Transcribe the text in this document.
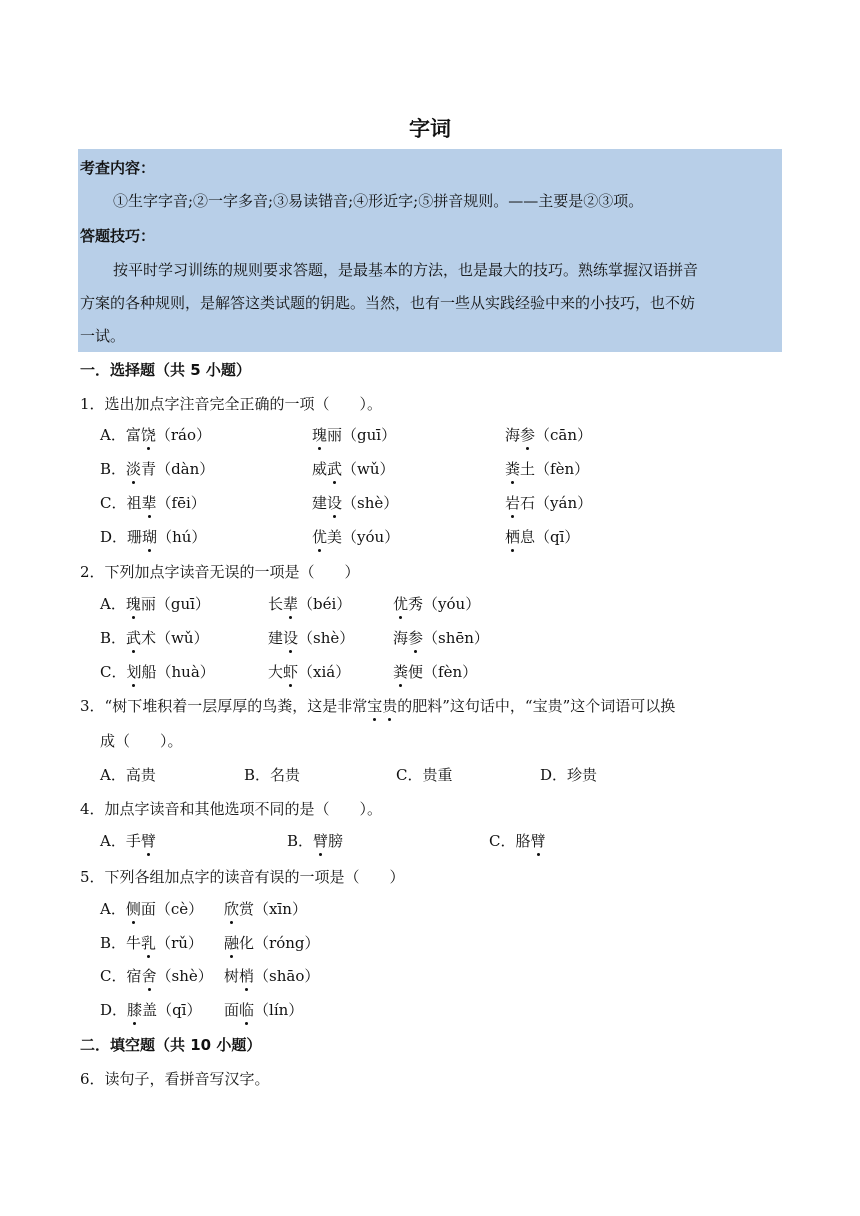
字词
考查内容：
①生字字音;②一字多音;③易读错音;④形近字;⑤拼音规则。——主要是②③项。
答题技巧：
按平时学习训练的规则要求答题，是最基本的方法，也是最大的技巧。熟练掌握汉语拼音
方案的各种规则，是解答这类试题的钥匙。当然，也有一些从实践经验中来的小技巧，也不妨
一试。
一．选择题（共 5 小题）
1．选出加点字注音完全正确的一项（　　）。
A．富饶（ráo）	瑰丽（guī）	海参（cān）
B．淡青（dàn）	威武（wǔ）	粪土（fèn）
C．祖辈（fēi）	建设（shè）	岩石（yán）
D．珊瑚（hú）	优美（yóu）	栖息（qī）
2．下列加点字读音无误的一项是（　　）
A．瑰丽（guī）	长辈（béi）	优秀（yóu）
B．武术（wǔ）	建设（shè）	海参（shēn）
C．划船（huà）	大虾（xiá）	粪便（fèn）
3．“树下堆积着一层厚厚的鸟粪，这是非常宝贵的肥料”这句话中，“宝贵”这个词语可以换
成（　　）。
A．高贵	B．名贵	C．贵重	D．珍贵
4．加点字读音和其他选项不同的是（　　）。
A．手臂	B．臂膀	C．胳臂
5．下列各组加点字的读音有误的一项是（　　）
A．侧面（cè） 欣赏（xīn）
B．牛乳（rǔ） 融化（róng）
C．宿舍（shè） 树梢（shāo）
D．膝盖（qī） 面临（lín）
二．填空题（共 10 小题）
6．读句子，看拼音写汉字。
